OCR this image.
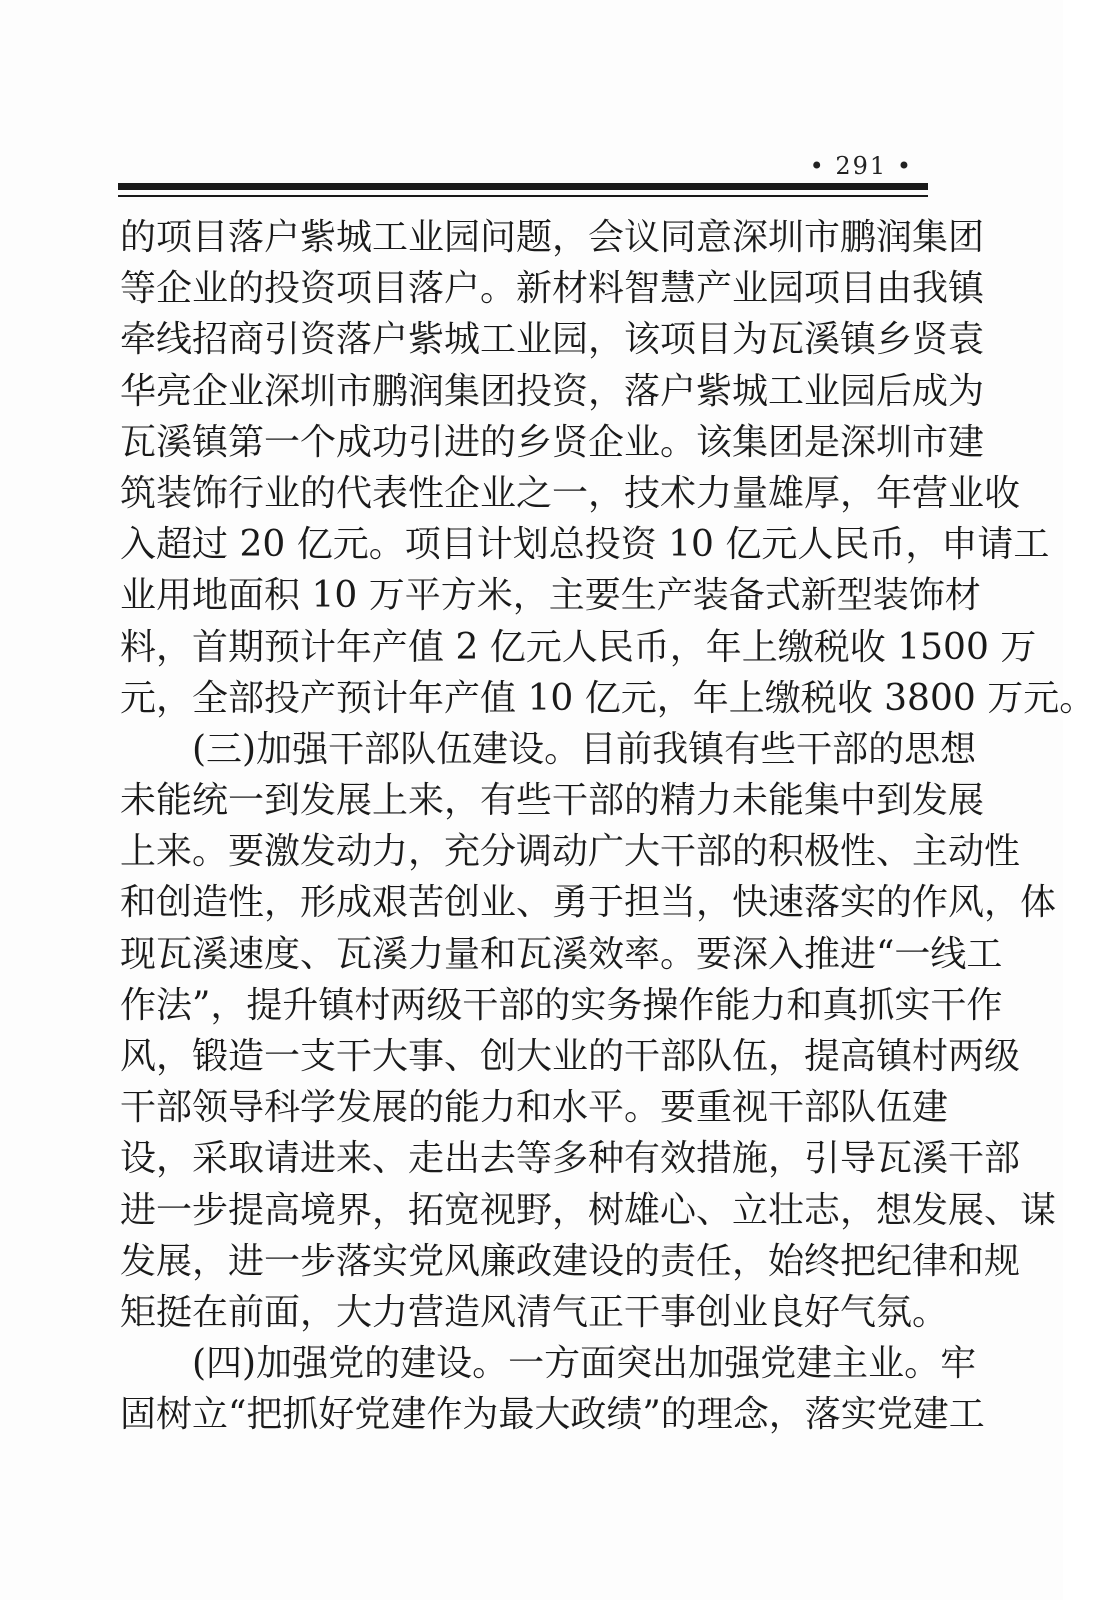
• 291 •
的项目落户紫城工业园问题，会议同意深圳市鹏润集团
等企业的投资项目落户。新材料智慧产业园项目由我镇
牵线招商引资落户紫城工业园，该项目为瓦溪镇乡贤袁
华亮企业深圳市鹏润集团投资，落户紫城工业园后成为
瓦溪镇第一个成功引进的乡贤企业。该集团是深圳市建
筑装饰行业的代表性企业之一，技术力量雄厚，年营业收
入超过 20 亿元。项目计划总投资 10 亿元人民币，申请工
业用地面积 10 万平方米，主要生产装备式新型装饰材
料，首期预计年产值 2 亿元人民币，年上缴税收 1500 万
元，全部投产预计年产值 10 亿元，年上缴税收 3800 万元。
(三)加强干部队伍建设。目前我镇有些干部的思想
未能统一到发展上来，有些干部的精力未能集中到发展
上来。要激发动力，充分调动广大干部的积极性、主动性
和创造性，形成艰苦创业、勇于担当，快速落实的作风，体
现瓦溪速度、瓦溪力量和瓦溪效率。要深入推进“一线工
作法”，提升镇村两级干部的实务操作能力和真抓实干作
风，锻造一支干大事、创大业的干部队伍，提高镇村两级
干部领导科学发展的能力和水平。要重视干部队伍建
设，采取请进来、走出去等多种有效措施，引导瓦溪干部
进一步提高境界，拓宽视野，树雄心、立壮志，想发展、谋
发展，进一步落实党风廉政建设的责任，始终把纪律和规
矩挺在前面，大力营造风清气正干事创业良好气氛。
(四)加强党的建设。一方面突出加强党建主业。牢
固树立“把抓好党建作为最大政绩”的理念，落实党建工
